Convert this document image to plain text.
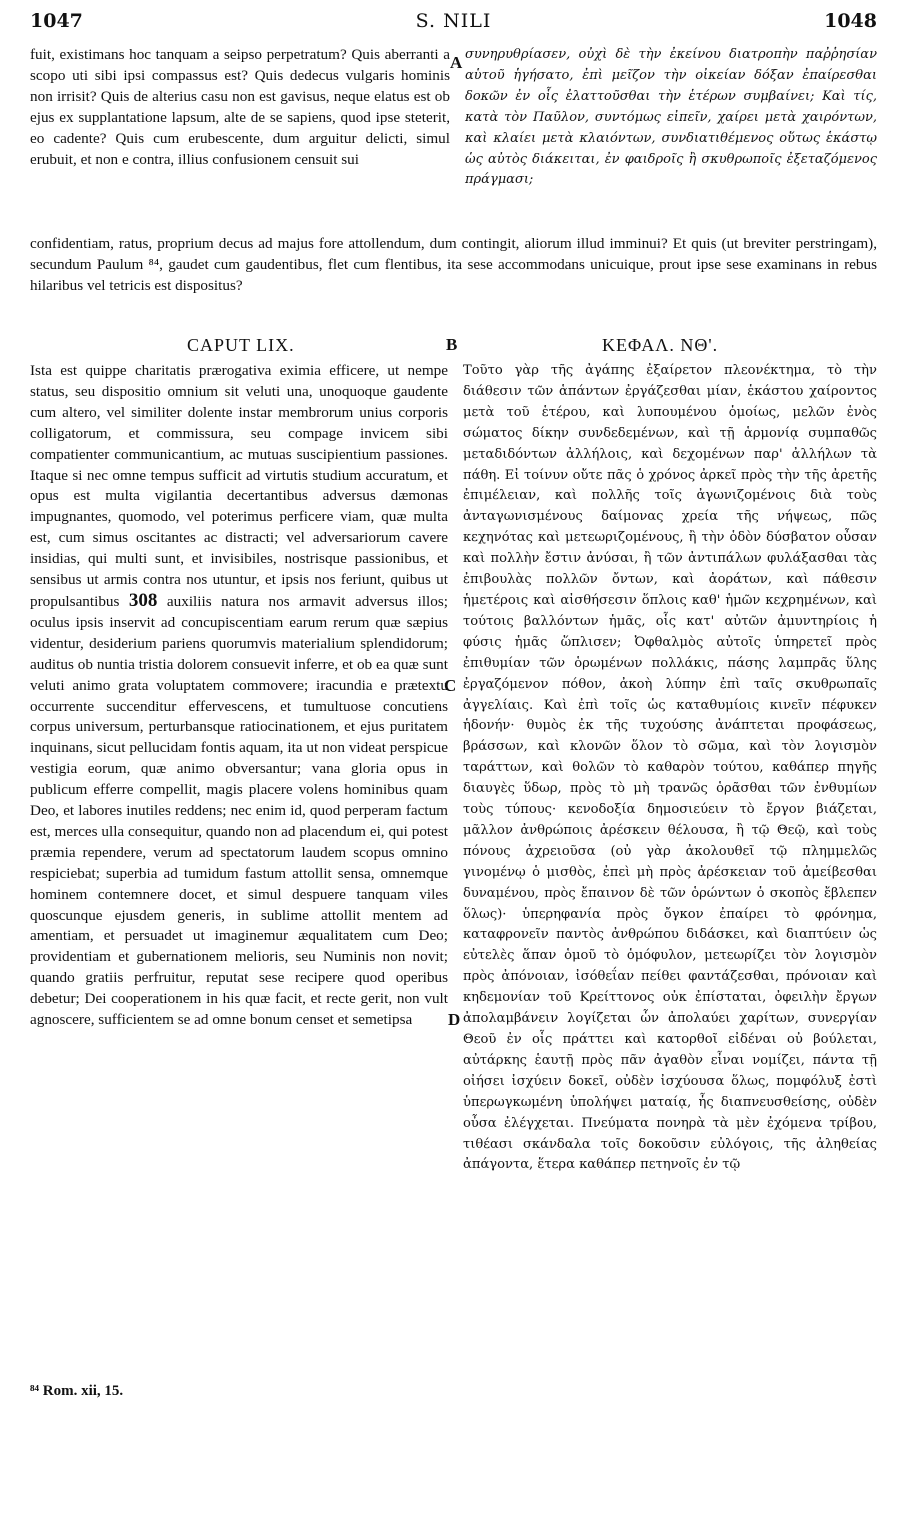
1047	S. NILI	1048
fuit, existimans hoc tanquam a seipso perpetratum? Quis aberranti a scopo uti sibi ipsi compassus est? Quis dedecus vulgaris hominis non irrisit? Quis de alterius casu non est gavisus, neque elatus est ob ejus ex supplantatione lapsum, alte de se sapiens, quod ipse steterit, eo cadente? Quis cum erubescente, dum arguitur delicti, simul erubuit, et non e contra, illius confusionem censuit sui
A συνηρυθρίασεν, οὐχὶ δὲ τὴν ἐκείνου διατροπὴν παῤῥησίαν αὑτοῦ ἡγήσατο, ἐπὶ μεῖζον τὴν οἰκείαν δόξαν ἐπαίρεσθαι δοκῶν ἐν οἷς ἐλαττοῦσθαι τὴν ἑτέρων συμβαίνει; Καὶ τίς, κατὰ τὸν Παῦλον, συντόμως εἰπεῖν, χαίρει μετὰ χαιρόντων, καὶ κλαίει μετὰ κλαιόντων, συνδιατιθέμενος οὕτως ἑκάστῳ ὡς αὐτὸς διάκειται, ἐν φαιδροῖς ἢ σκυθρωποῖς ἐξεταζόμενος πράγμασι;
confidentiam, ratus, proprium decus ad majus fore attollendum, dum contingit, aliorum illud imminui? Et quis (ut breviter perstringam), secundum Paulum ⁸⁴, gaudet cum gaudentibus, flet cum flentibus, ita sese accommodans unicuique, prout ipse sese examinans in rebus hilaribus vel tetricis est dispositus?
CAPUT LIX.	B	ΚΕΦΑΛ. ΝΘ'.
Ista est quippe charitatis prærogativa eximia efficere, ut nempe status, seu dispositio omnium sit veluti una, unoquoque gaudente cum altero, vel similiter dolente instar membrorum unius corporis colligatorum, et commissura, seu compage invicem sibi compatienter communicantium, ac mutuas suscipientium passiones. Itaque si nec omne tempus sufficit ad virtutis studium accuratum, et opus est multa vigilantia decertantibus adversus dæmonas impugnantes, quomodo, vel poterimus perficere viam, quæ multa est, cum simus oscitantes ac distracti; vel adversariorum cavere insidias, qui multi sunt, et invisibiles, nostrisque passionibus, et sensibus ut armis contra nos utuntur, et ipsis nos feriunt, quibus ut propulsantibus 308 auxiliis natura nos armavit adversus illos; oculus ipsis inservit ad concupiscentiam earum rerum quæ sæpius videntur, desiderium pariens quorumvis materialium splendidorum; auditus ob nuntia tristia dolorem consuevit inferre, et ob ea quæ sunt veluti animo grata voluptatem commovere; iracundia e prætextu occurrente succenditur effervescens, et tumultuose concutiens corpus universum, perturbansque ratiocinationem, et ejus puritatem inquinans, sicut pellucidam fontis aquam, ita ut non videat perspicue vestigia eorum, quæ animo obversantur; vana gloria opus in publicum efferre compellit, magis placere volens hominibus quam Deo, et labores inutiles reddens; nec enim id, quod perperam factum est, merces ulla consequitur, quando non ad placendum ei, qui potest præmia rependere, verum ad spectatorum laudem scopus omnino respiciebat; superbia ad tumidum fastum attollit sensa, omnemque hominem contemnere docet, et simul despuere tanquam viles quoscunque ejusdem generis, in sublime attollit mentem ad amentiam, et persuadet ut imaginemur æqualitatem cum Deo; providentiam et gubernationem melioris, seu Numinis non novit; quando gratiis perfruitur, reputat sese recipere quod operibus debetur; Dei cooperationem in his quæ facit, et recte gerit, non vult agnoscere, sufficientem se ad omne bonum censet et semetipsa
C
D
Τοῦτο γὰρ τῆς ἀγάπης ἐξαίρετον πλεονέκτημα, τὸ τὴν διάθεσιν τῶν ἁπάντων ἐργάζεσθαι μίαν, ἑκάστου χαίροντος μετὰ τοῦ ἑτέρου, καὶ λυπουμένου ὁμοίως, μελῶν ἑνὸς σώματος δίκην συνδεδεμένων, καὶ τῇ ἁρμονίᾳ συμπαθῶς μεταδιδόντων ἀλλήλοις, καὶ δεχομένων παρ' ἀλλήλων τὰ πάθη. Εἰ τοίνυν οὔτε πᾶς ὁ χρόνος ἀρκεῖ πρὸς τὴν τῆς ἀρετῆς ἐπιμέλειαν, καὶ πολλῆς τοῖς ἀγωνιζομένοις διὰ τοὺς ἀνταγωνισμένους δαίμονας χρεία τῆς νήψεως, πῶς κεχηνότας καὶ μετεωριζομένους, ἢ τὴν ὁδὸν δύσβατον οὖσαν καὶ πολλὴν ἔστιν ἀνύσαι, ἢ τῶν ἀντιπάλων φυλάξασθαι τὰς ἐπιβουλὰς πολλῶν ὄντων, καὶ ἀοράτων, καὶ πάθεσιν ἡμετέροις καὶ αἰσθήσεσιν ὅπλοις καθ' ἡμῶν κεχρημένων, καὶ τούτοις βαλλόντων ἡμᾶς, οἷς κατ' αὐτῶν ἀμυντηρίοις ἡ φύσις ἡμᾶς ὥπλισεν; Ὀφθαλμὸς αὐτοῖς ὑπηρετεῖ πρὸς ἐπιθυμίαν τῶν ὁρωμένων πολλάκις, πάσης λαμπρᾶς ὕλης ἐργαζόμενον πόθον, ἀκοὴ λύπην ἐπὶ ταῖς σκυθρωπαῖς ἀγγελίαις. Καὶ ἐπὶ τοῖς ὡς καταθυμίοις κινεῖν πέφυκεν ἡδονήν· θυμὸς ἐκ τῆς τυχούσης ἀνάπτεται προφάσεως, βράσσων, καὶ κλονῶν ὅλον τὸ σῶμα, καὶ τὸν λογισμὸν ταράττων, καὶ θολῶν τὸ καθαρὸν τούτου, καθάπερ πηγῆς διαυγὲς ὕδωρ, πρὸς τὸ μὴ τρανῶς ὁρᾶσθαι τῶν ἐνθυμίων τοὺς τύπους· κενοδοξία δημοσιεύειν τὸ ἔργον βιάζεται, μᾶλλον ἀνθρώποις ἀρέσκειν θέλουσα, ἢ τῷ Θεῷ, καὶ τοὺς πόνους ἀχρειοῦσα (οὐ γὰρ ἀκολουθεῖ τῷ πλημμελῶς γινομένῳ ὁ μισθὸς, ἐπεὶ μὴ πρὸς ἀρέσκειαν τοῦ ἀμείβεσθαι δυναμένου, πρὸς ἔπαινον δὲ τῶν ὁρώντων ὁ σκοπὸς ἔβλεπεν ὅλως)· ὑπερηφανία πρὸς ὄγκον ἐπαίρει τὸ φρόνημα, καταφρονεῖν παντὸς ἀνθρώπου διδάσκει, καὶ διαπτύειν ὡς εὐτελὲς ἅπαν ὁμοῦ τὸ ὁμόφυλον, μετεωρίζει τὸν λογισμὸν πρὸς ἀπόνοιαν, ἰσόθεΐαν πείθει φαντάζεσθαι, πρόνοιαν καὶ κηδεμονίαν τοῦ Κρείττονος οὐκ ἐπίσταται, ὀφειλὴν ἔργων ἀπολαμβάνειν λογίζεται ὧν ἀπολαύει χαρίτων, συνεργίαν Θεοῦ ἐν οἷς πράττει καὶ κατορθοῖ εἰδέναι οὐ βούλεται, αὐτάρκης ἑαυτῇ πρὸς πᾶν ἀγαθὸν εἶναι νομίζει, πάντα τῇ οἰήσει ἰσχύειν δοκεῖ, οὐδὲν ἰσχύουσα ὅλως, πομφόλυξ ἐστὶ ὑπερωγκωμένη ὑπολήψει ματαίᾳ, ἧς διαπνευσθείσης, οὐδὲν οὖσα ἐλέγχεται. Πνεύματα πονηρὰ τὰ μὲν ἐχόμενα τρίβου, τιθέασι σκάνδαλα τοῖς δοκοῦσιν εὐλόγοις, τῆς ἀληθείας ἀπάγοντα, ἕτερα καθάπερ πετηνοῖς ἐν τῷ
⁸⁴ Rom. xii, 15.
